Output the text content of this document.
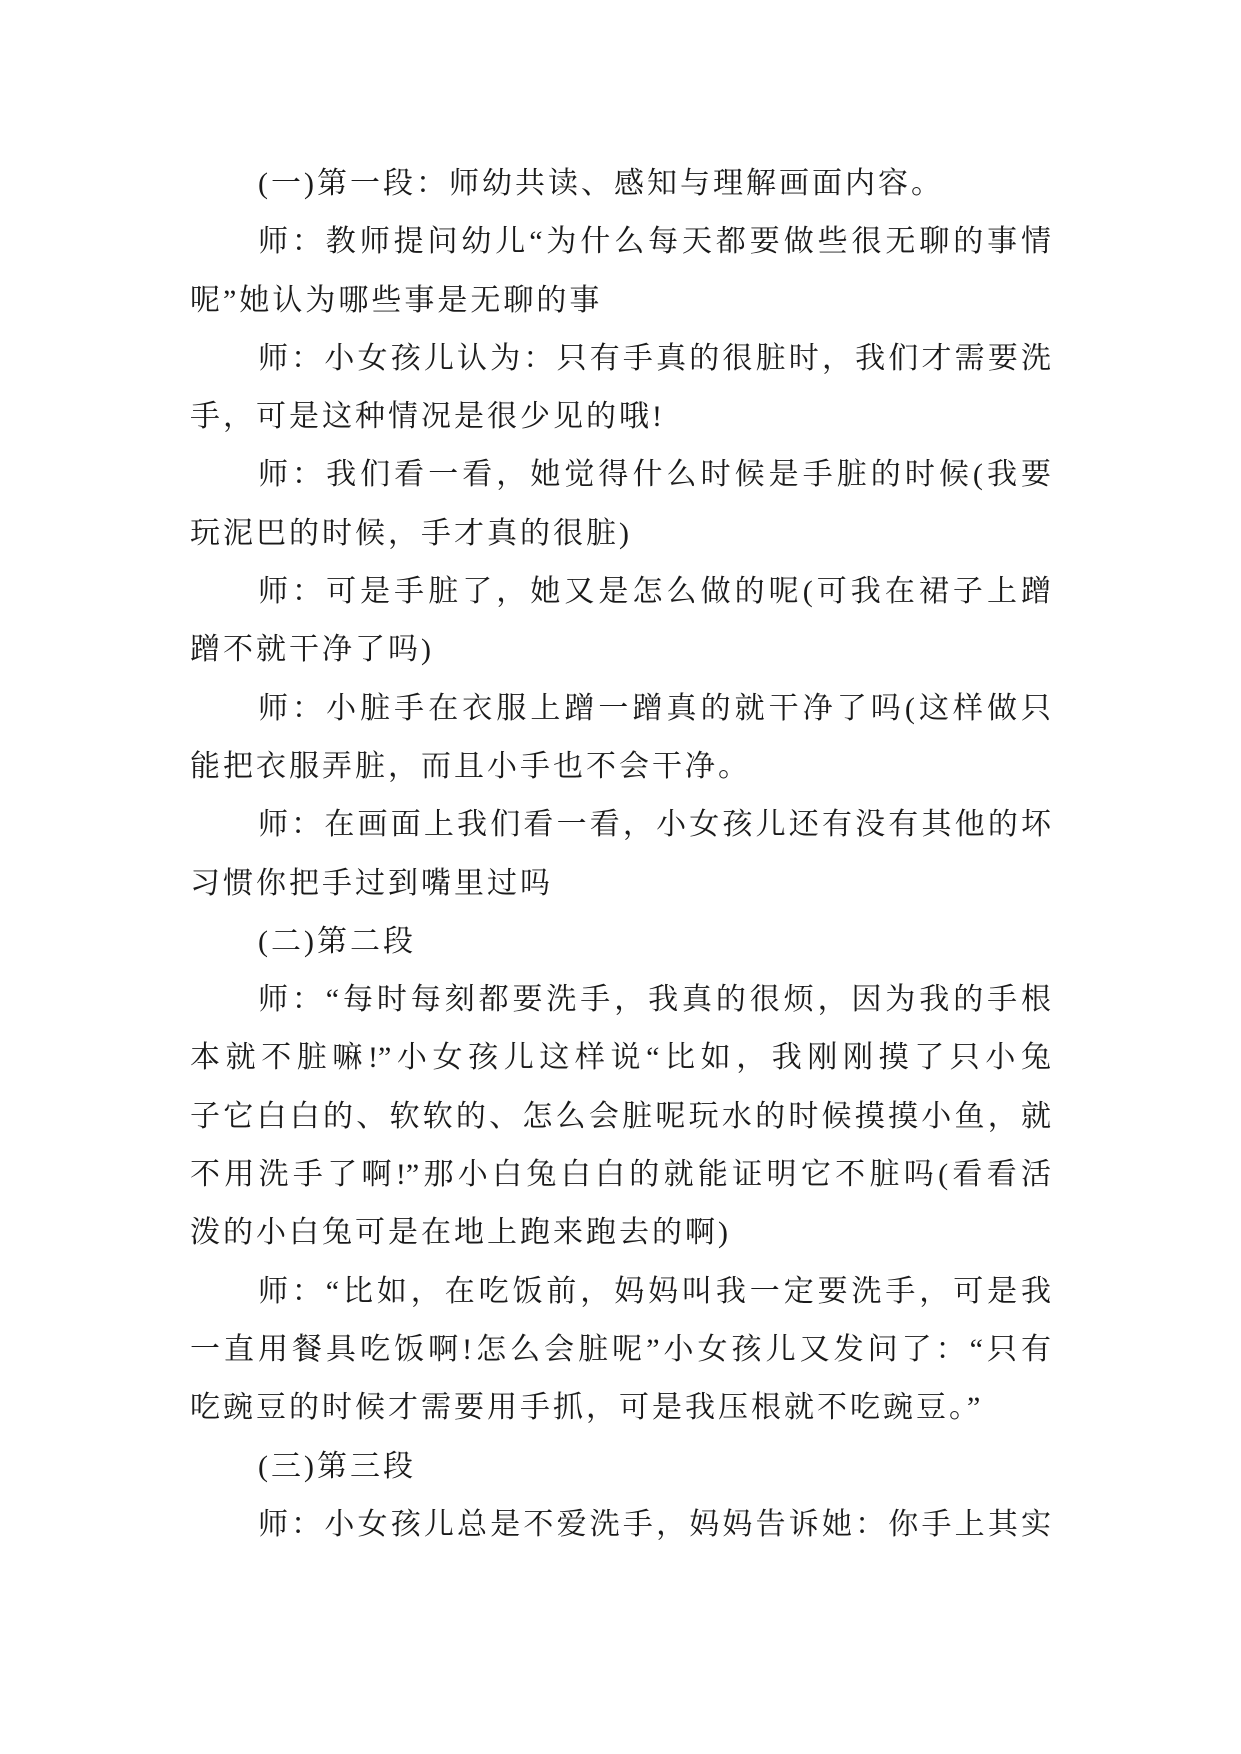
(一)第一段：师幼共读、感知与理解画面内容。
师：教师提问幼儿“为什么每天都要做些很无聊的事情
呢”她认为哪些事是无聊的事
师：小女孩儿认为：只有手真的很脏时，我们才需要洗
手，可是这种情况是很少见的哦!
师：我们看一看，她觉得什么时候是手脏的时候(我要
玩泥巴的时候，手才真的很脏)
师：可是手脏了，她又是怎么做的呢(可我在裙子上蹭
蹭不就干净了吗)
师：小脏手在衣服上蹭一蹭真的就干净了吗(这样做只
能把衣服弄脏，而且小手也不会干净。
师：在画面上我们看一看，小女孩儿还有没有其他的坏
习惯你把手过到嘴里过吗
(二)第二段
师：“每时每刻都要洗手，我真的很烦，因为我的手根
本就不脏嘛!”小女孩儿这样说“比如，我刚刚摸了只小兔
子它白白的、软软的、怎么会脏呢玩水的时候摸摸小鱼，就
不用洗手了啊!”那小白兔白白的就能证明它不脏吗(看看活
泼的小白兔可是在地上跑来跑去的啊)
师：“比如，在吃饭前，妈妈叫我一定要洗手，可是我
一直用餐具吃饭啊!怎么会脏呢”小女孩儿又发问了：“只有
吃豌豆的时候才需要用手抓，可是我压根就不吃豌豆。”
(三)第三段
师：小女孩儿总是不爱洗手，妈妈告诉她：你手上其实
